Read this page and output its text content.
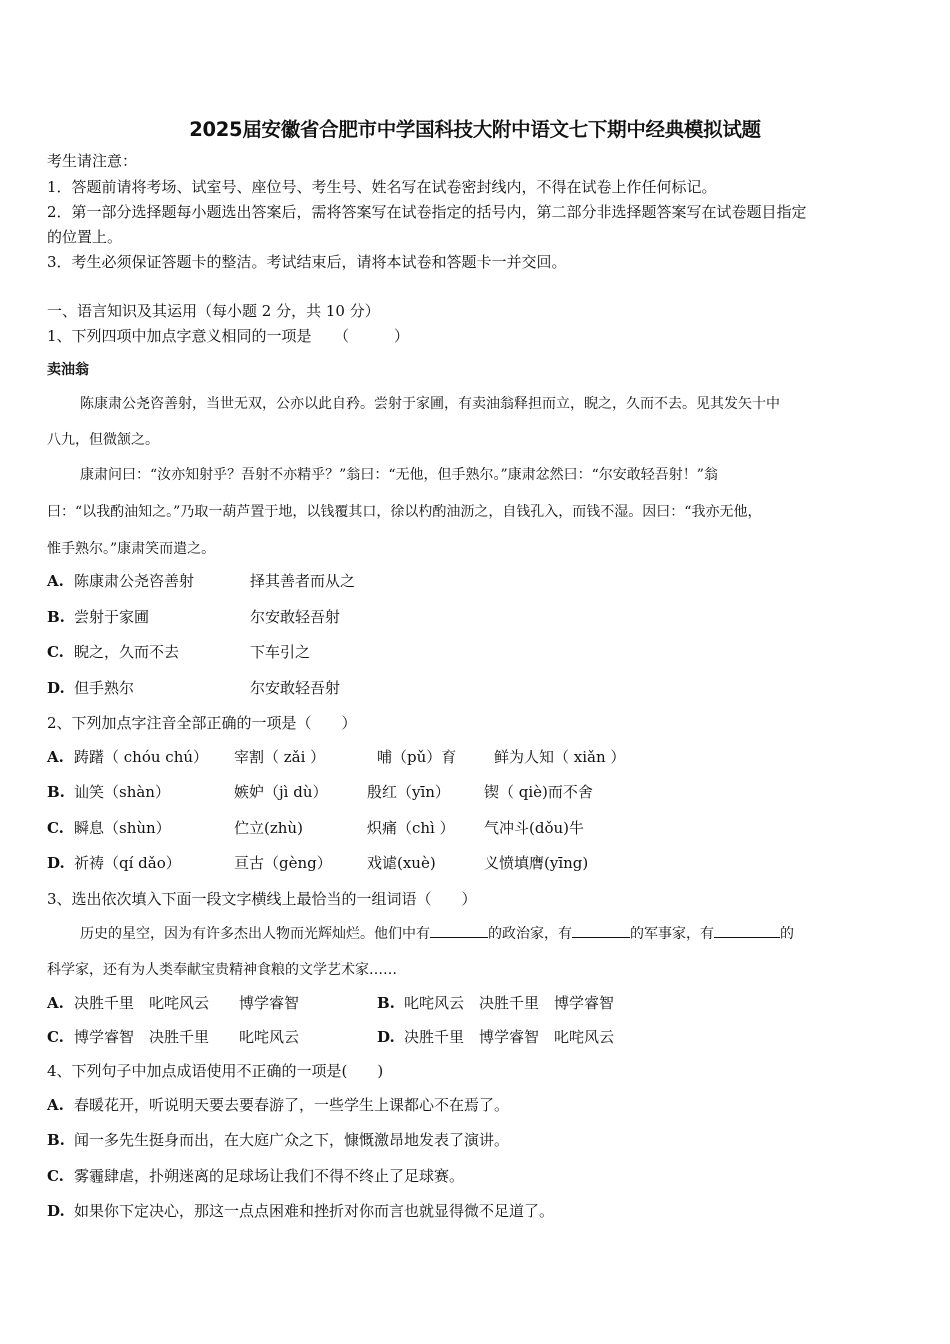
2025届安徽省合肥市中学国科技大附中语文七下期中经典模拟试题
考生请注意：
1．答题前请将考场、试室号、座位号、考生号、姓名写在试卷密封线内，不得在试卷上作任何标记。
2．第一部分选择题每小题选出答案后，需将答案写在试卷指定的括号内，第二部分非选择题答案写在试卷题目指定
的位置上。
3．考生必须保证答题卡的整洁。考试结束后，请将本试卷和答题卡一并交回。
一、语言知识及其运用（每小题 2 分，共 10 分）
1、下列四项中加点字意义相同的一项是　　（　　　）
卖油翁
陈康肃公尧咨善射，当世无双，公亦以此自矜。尝射于家圃，有卖油翁释担而立，睨之，久而不去。见其发矢十中
八九，但微颔之。
康肃问曰：“汝亦知射乎？吾射不亦精乎？”翁曰：“无他，但手熟尔。”康肃忿然曰：“尔安敢轻吾射！”翁
曰：“以我酌油知之。”乃取一葫芦置于地，以钱覆其口，徐以杓酌油沥之，自钱孔入，而钱不湿。因曰：“我亦无他，
惟手熟尔。”康肃笑而遣之。
A. 陈康肃公尧咨善射	择其善者而从之
B. 尝射于家圃	尔安敢轻吾射
C. 睨之，久而不去	下车引之
D. 但手熟尔	尔安敢轻吾射
2、下列加点字注音全部正确的一项是（　　）
A. 踌躇（ chóu chú） 宰割（ zǎi ）	哺（pǔ）育	鲜为人知（ xiǎn ）
B. 讪笑（shàn）	嫉妒（jì dù）	殷红（yīn） 锲（ qiè)而不舍
C. 瞬息（shùn）	伫立(zhù)	炽痛（chì ） 气冲斗(dǒu)牛
D. 祈祷（qí dǎo）	亘古（gèng） 戏谑(xuè)	义愤填膺(yīng)
3、选出依次填入下面一段文字横线上最恰当的一组词语（　　）
历史的星空，因为有许多杰出人物而光辉灿烂。他们中有	的政治家，有	的军事家，有	的
科学家，还有为人类奉献宝贵精神食粮的文学艺术家……
A. 决胜千里　叱咤风云　　博学睿智	B. 叱咤风云　决胜千里　博学睿智
C. 博学睿智　决胜千里　　叱咤风云	D. 决胜千里　博学睿智　叱咤风云
4、下列句子中加点成语使用不正确的一项是(　　)
A. 春暖花开，听说明天要去要春游了，一些学生上课都心不在焉了。
B. 闻一多先生挺身而出，在大庭广众之下，慷慨激昂地发表了演讲。
C. 雾霾肆虐，扑朔迷离的足球场让我们不得不终止了足球赛。
D. 如果你下定决心，那这一点点困难和挫折对你而言也就显得微不足道了。
